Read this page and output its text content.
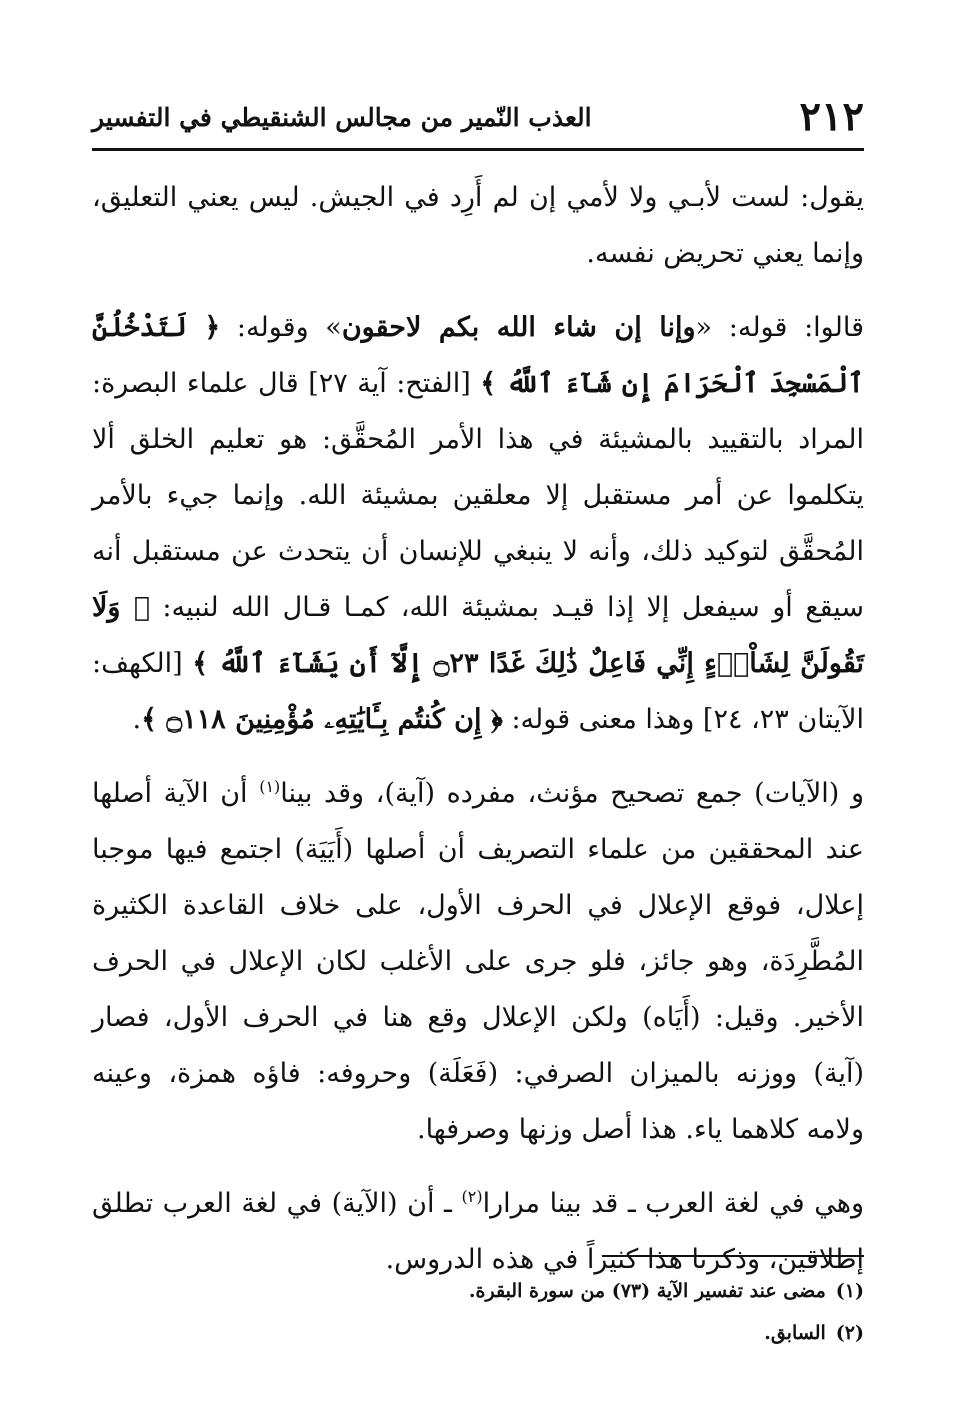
٢١٢
العذب النّمير من مجالس الشنقيطي في التفسير

يقول: لست لأبـي ولا لأمي إن لم أَرِد في الجيش. ليس يعني التعليق، وإنما يعني تحريض نفسه.

قالوا: قوله: «وإنا إن شاء الله بكم لاحقون» وقوله: ﴿ لَتَدْخُلُنَّ ٱلْمَسْجِدَ ٱلْحَرَامَ إِن شَآءَ ٱللَّهُ ﴾ [الفتح: آية ٢٧] قال علماء البصرة: المراد بالتقييد بالمشيئة في هذا الأمر المُحقَّق: هو تعليم الخلق ألا يتكلموا عن أمر مستقبل إلا معلقين بمشيئة الله. وإنما جيء بالأمر المُحقَّق لتوكيد ذلك، وأنه لا ينبغي للإنسان أن يتحدث عن مستقبل أنه سيقع أو سيفعل إلا إذا قيـد بمشيئة الله، كمـا قـال الله لنبيه: ﴿ وَلَا تَقُولَنَّ لِشَاْىۡءٍ إِنِّي فَاعِلٌ ذَٰلِكَ غَدًا ۝٢٣ إِلَّآ أَن يَشَآءَ ٱللَّهُ ﴾ [الكهف: الآيتان ٢٣، ٢٤] وهذا معنى قوله: ﴿ إِن كُنتُم بِـَٔايَٰتِهِۦ مُؤْمِنِينَ ۝١١٨ ﴾.

و (الآيات) جمع تصحيح مؤنث، مفرده (آية)، وقد بينا$^{(١)}$ أن الآية أصلها عند المحققين من علماء التصريف أن أصلها (أَيَيَة) اجتمع فيها موجبا إعلال، فوقع الإعلال في الحرف الأول، على خلاف القاعدة الكثيرة المُطَّرِدَة، وهو جائز، فلو جرى على الأغلب لكان الإعلال في الحرف الأخير. وقيل: (أَيَاه) ولكن الإعلال وقع هنا في الحرف الأول، فصار (آية) ووزنه بالميزان الصرفي: (فَعَلَة) وحروفه: فاؤه همزة، وعينه ولامه كلاهما ياء. هذا أصل وزنها وصرفها.

وهي في لغة العرب ـ قد بينا مرارا$^{(٢)}$ ـ أن (الآية) في لغة العرب تطلق إطلاقين، وذكرنا هذا كثيراً في هذه الدروس.

(١)مضى عند تفسير الآية (٧٣) من سورة البقرة.

(٢)السابق.
